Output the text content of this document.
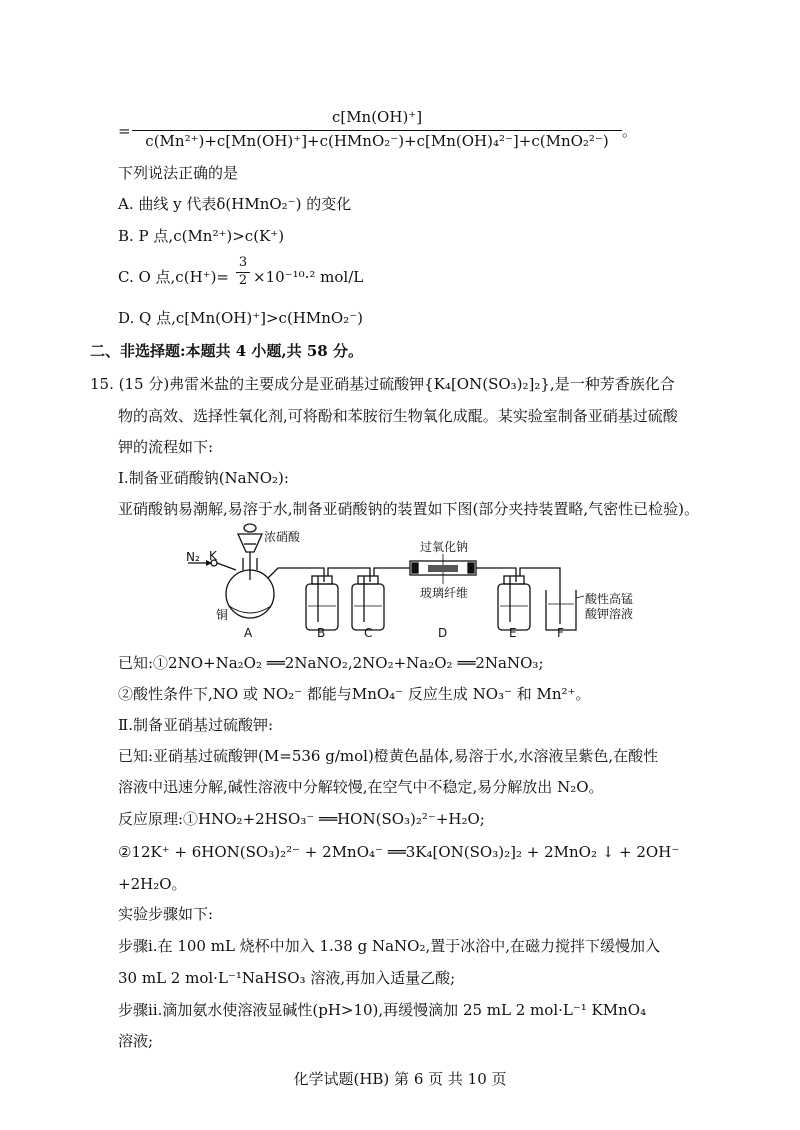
=
c[Mn(OH)⁺]
c(Mn²⁺)+c[Mn(OH)⁺]+c(HMnO₂⁻)+c[Mn(OH)₄²⁻]+c(MnO₂²⁻)
。
下列说法正确的是
A. 曲线 y 代表δ(HMnO₂⁻) 的变化
B. P 点,c(Mn²⁺)>c(K⁺)
C. O 点,c(H⁺)=
3
2 ×10⁻¹⁰·² mol/L
D. Q 点,c[Mn(OH)⁺]>c(HMnO₂⁻)
二、非选择题:本题共 4 小题,共 58 分。
15. (15 分)弗雷米盐的主要成分是亚硝基过硫酸钾{K₄[ON(SO₃)₂]₂},是一种芳香族化合
物的高效、选择性氧化剂,可将酚和苯胺衍生物氧化成醌。某实验室制备亚硝基过硫酸
钾的流程如下:
Ⅰ.制备亚硝酸钠(NaNO₂):
亚硝酸钠易潮解,易溶于水,制备亚硝酸钠的装置如下图(部分夹持装置略,气密性已检验)。
N₂ K
浓硝酸
铜
过氧化钠
玻璃纤维	酸性高锰
酸钾溶液
A	B	C	D	E	F
已知:①2NO+Na₂O₂ ══2NaNO₂,2NO₂+Na₂O₂ ══2NaNO₃;
②酸性条件下,NO 或 NO₂⁻ 都能与MnO₄⁻ 反应生成 NO₃⁻ 和 Mn²⁺。
Ⅱ.制备亚硝基过硫酸钾:
已知:亚硝基过硫酸钾(M=536 g/mol)橙黄色晶体,易溶于水,水溶液呈紫色,在酸性
溶液中迅速分解,碱性溶液中分解较慢,在空气中不稳定,易分解放出 N₂O。
反应原理:①HNO₂+2HSO₃⁻ ══HON(SO₃)₂²⁻+H₂O;
②12K⁺ + 6HON(SO₃)₂²⁻ + 2MnO₄⁻ ══3K₄[ON(SO₃)₂]₂ + 2MnO₂ ↓ + 2OH⁻
+2H₂O。
实验步骤如下:
步骤ⅰ.在 100 mL 烧杯中加入 1.38 g NaNO₂,置于冰浴中,在磁力搅拌下缓慢加入
30 mL 2 mol·L⁻¹NaHSO₃ 溶液,再加入适量乙酸;
步骤ⅱ.滴加氨水使溶液显碱性(pH>10),再缓慢滴加 25 mL 2 mol·L⁻¹ KMnO₄
溶液;
化学试题(HB) 第 6 页 共 10 页
